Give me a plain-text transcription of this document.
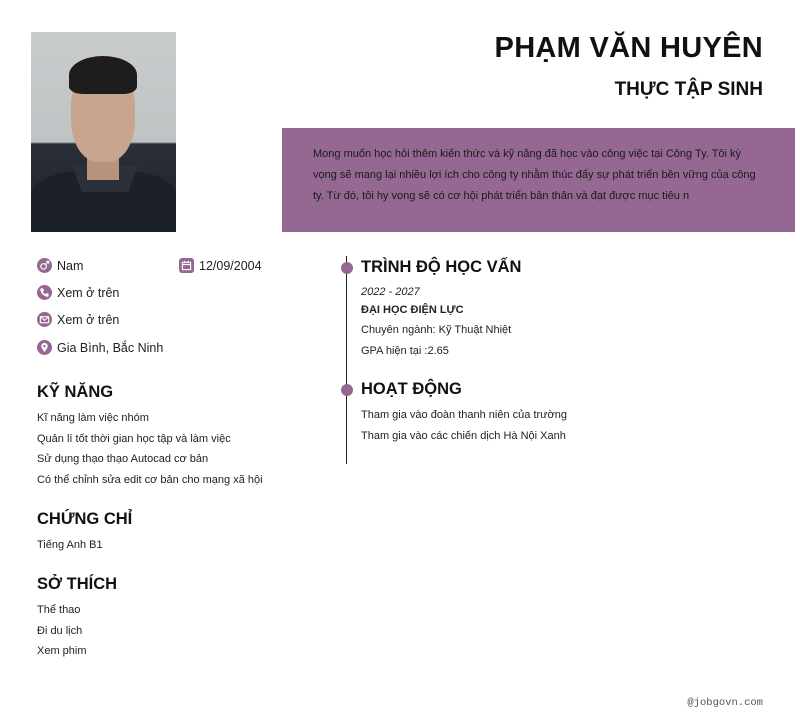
PHẠM VĂN HUYÊN
THỰC TẬP SINH

Mong muốn học hỏi thêm kiến thức và kỹ năng đã học vào công việc tại Công Ty. Tôi kỳ vọng sẽ mang lại nhiều lợi ích cho công ty nhằm thúc đẩy sự phát triển bền vững của công ty. Từ đó, tôi hy vọng sẽ có cơ hội phát triển bản thân và đạt được mục tiêu n

Nam	12/09/2004
Xem ở trên
Xem ở trên
Gia Bình, Bắc Ninh
KỸ NĂNG
Kĩ năng làm việc nhóm
Quản lí tốt thời gian học tập và làm việc
Sử dụng thạo thạo Autocad cơ bản
Có thể chỉnh sửa edit cơ bản cho mạng xã hội
CHỨNG CHỈ
Tiếng Anh B1
SỞ THÍCH
Thể thao
Đi du lịch
Xem phim
TRÌNH ĐỘ HỌC VẤN
2022 - 2027
ĐẠI HỌC ĐIỆN LỰC
Chuyên ngành: Kỹ Thuật Nhiệt
GPA hiện tại :2.65
HOẠT ĐỘNG
Tham gia vào đoàn thanh niên của trường
Tham gia vào các chiến dịch Hà Nội Xanh
@jobgovn.com
